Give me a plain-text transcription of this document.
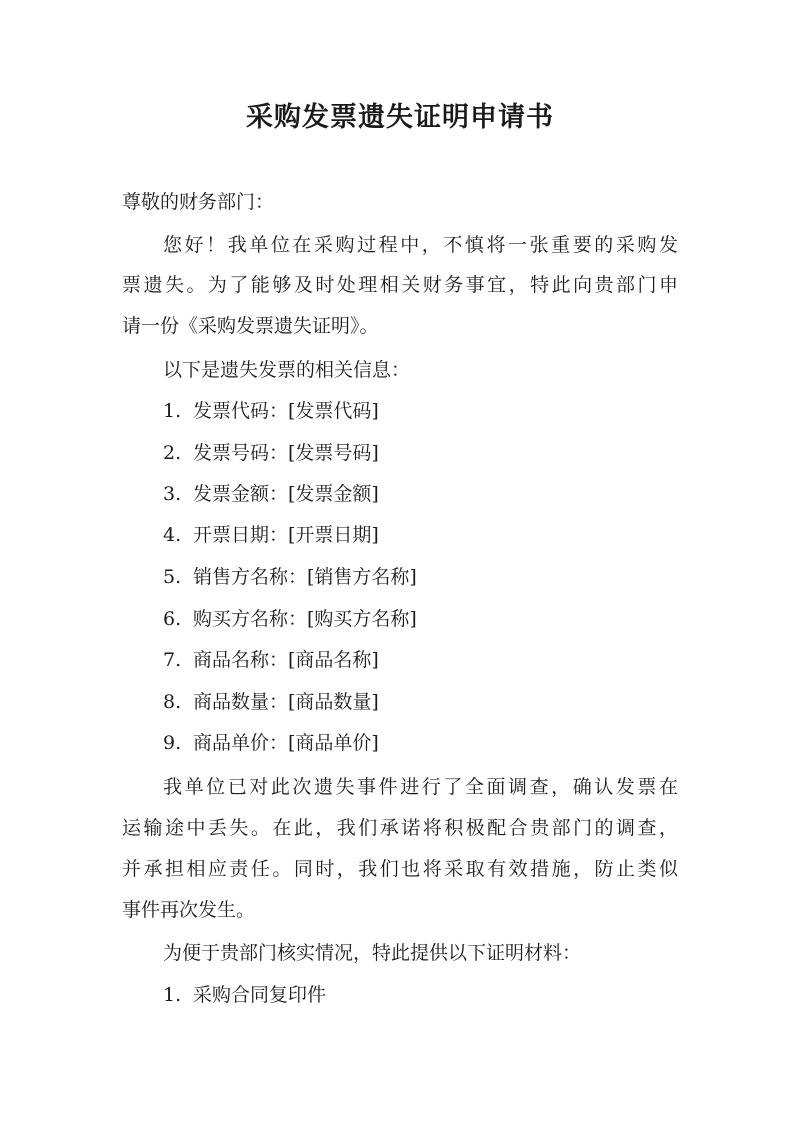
采购发票遗失证明申请书
尊敬的财务部门：
您好！我单位在采购过程中，不慎将一张重要的采购发
票遗失。为了能够及时处理相关财务事宜，特此向贵部门申
请一份《采购发票遗失证明》。
以下是遗失发票的相关信息：
1. 发票代码：[发票代码]
2. 发票号码：[发票号码]
3. 发票金额：[发票金额]
4. 开票日期：[开票日期]
5. 销售方名称：[销售方名称]
6. 购买方名称：[购买方名称]
7. 商品名称：[商品名称]
8. 商品数量：[商品数量]
9. 商品单价：[商品单价]
我单位已对此次遗失事件进行了全面调查，确认发票在
运输途中丢失。在此，我们承诺将积极配合贵部门的调查，
并承担相应责任。同时，我们也将采取有效措施，防止类似
事件再次发生。
为便于贵部门核实情况，特此提供以下证明材料：
1. 采购合同复印件
